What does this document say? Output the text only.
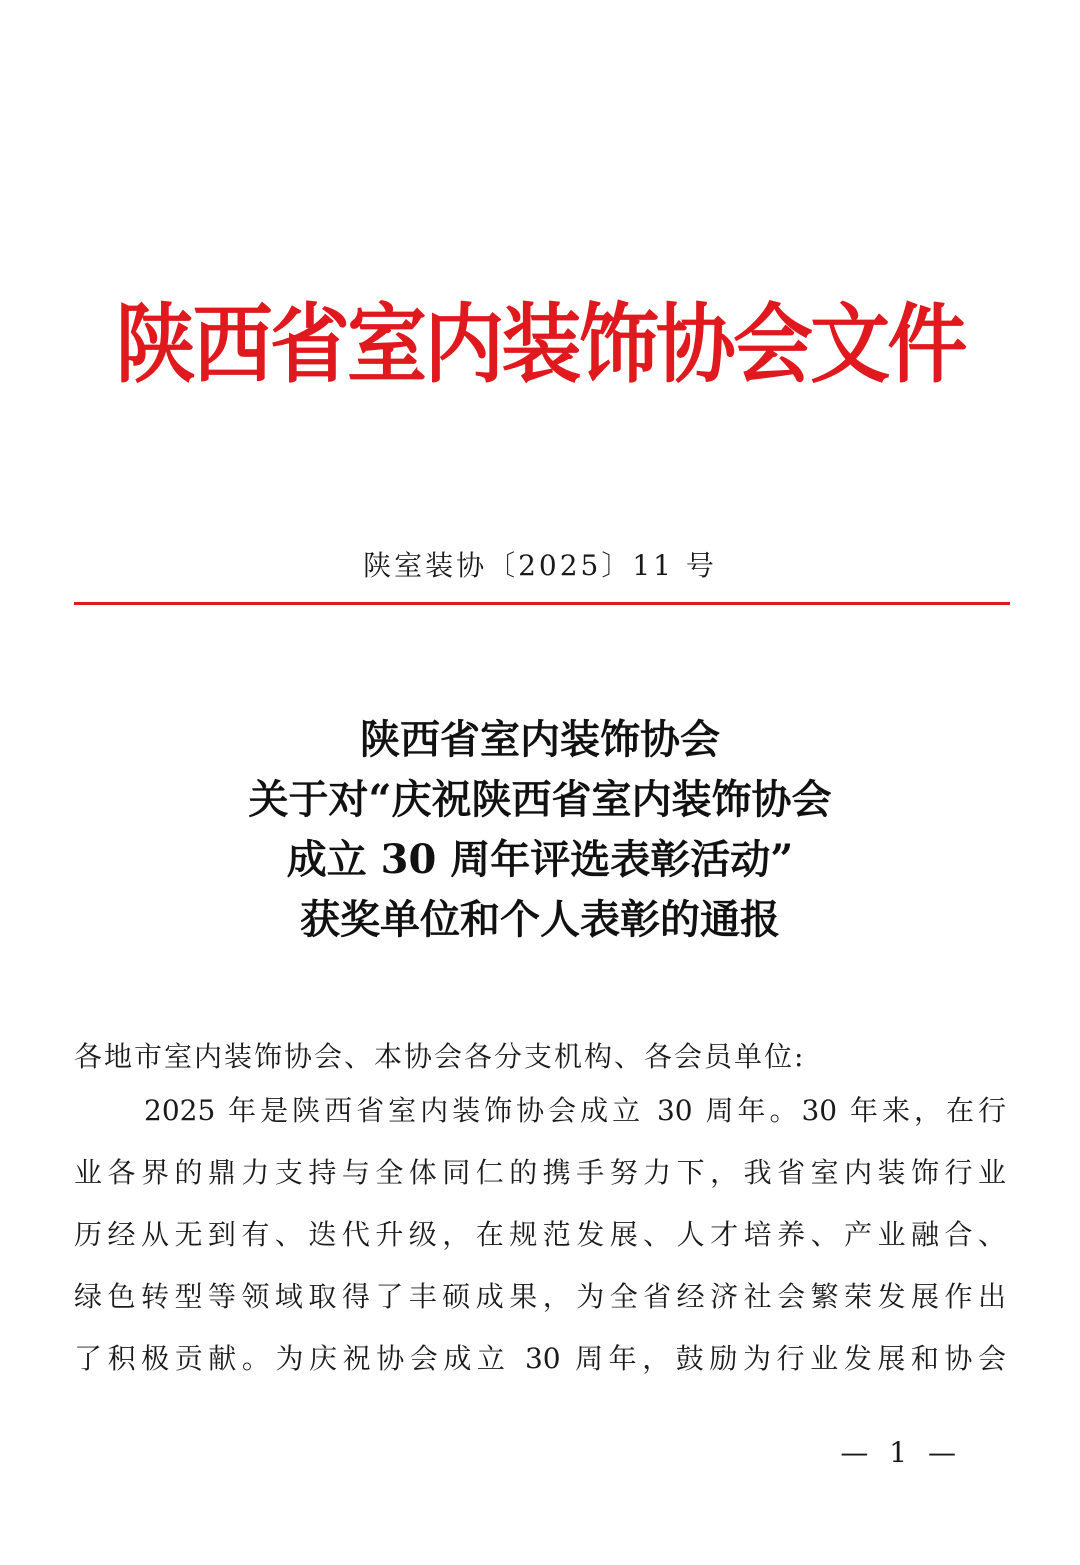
陕西省室内装饰协会文件
陕室装协〔2025〕11 号
陕西省室内装饰协会
关于对“庆祝陕西省室内装饰协会
成立 30 周年评选表彰活动”
获奖单位和个人表彰的通报
各地市室内装饰协会、本协会各分支机构、各会员单位:
2025 年是陕西省室内装饰协会成立 30 周年。30 年来，在行
业各界的鼎力支持与全体同仁的携手努力下，我省室内装饰行业
历经从无到有、迭代升级，在规范发展、人才培养、产业融合、
绿色转型等领域取得了丰硕成果，为全省经济社会繁荣发展作出
了积极贡献。为庆祝协会成立 30 周年，鼓励为行业发展和协会
— 1 —
